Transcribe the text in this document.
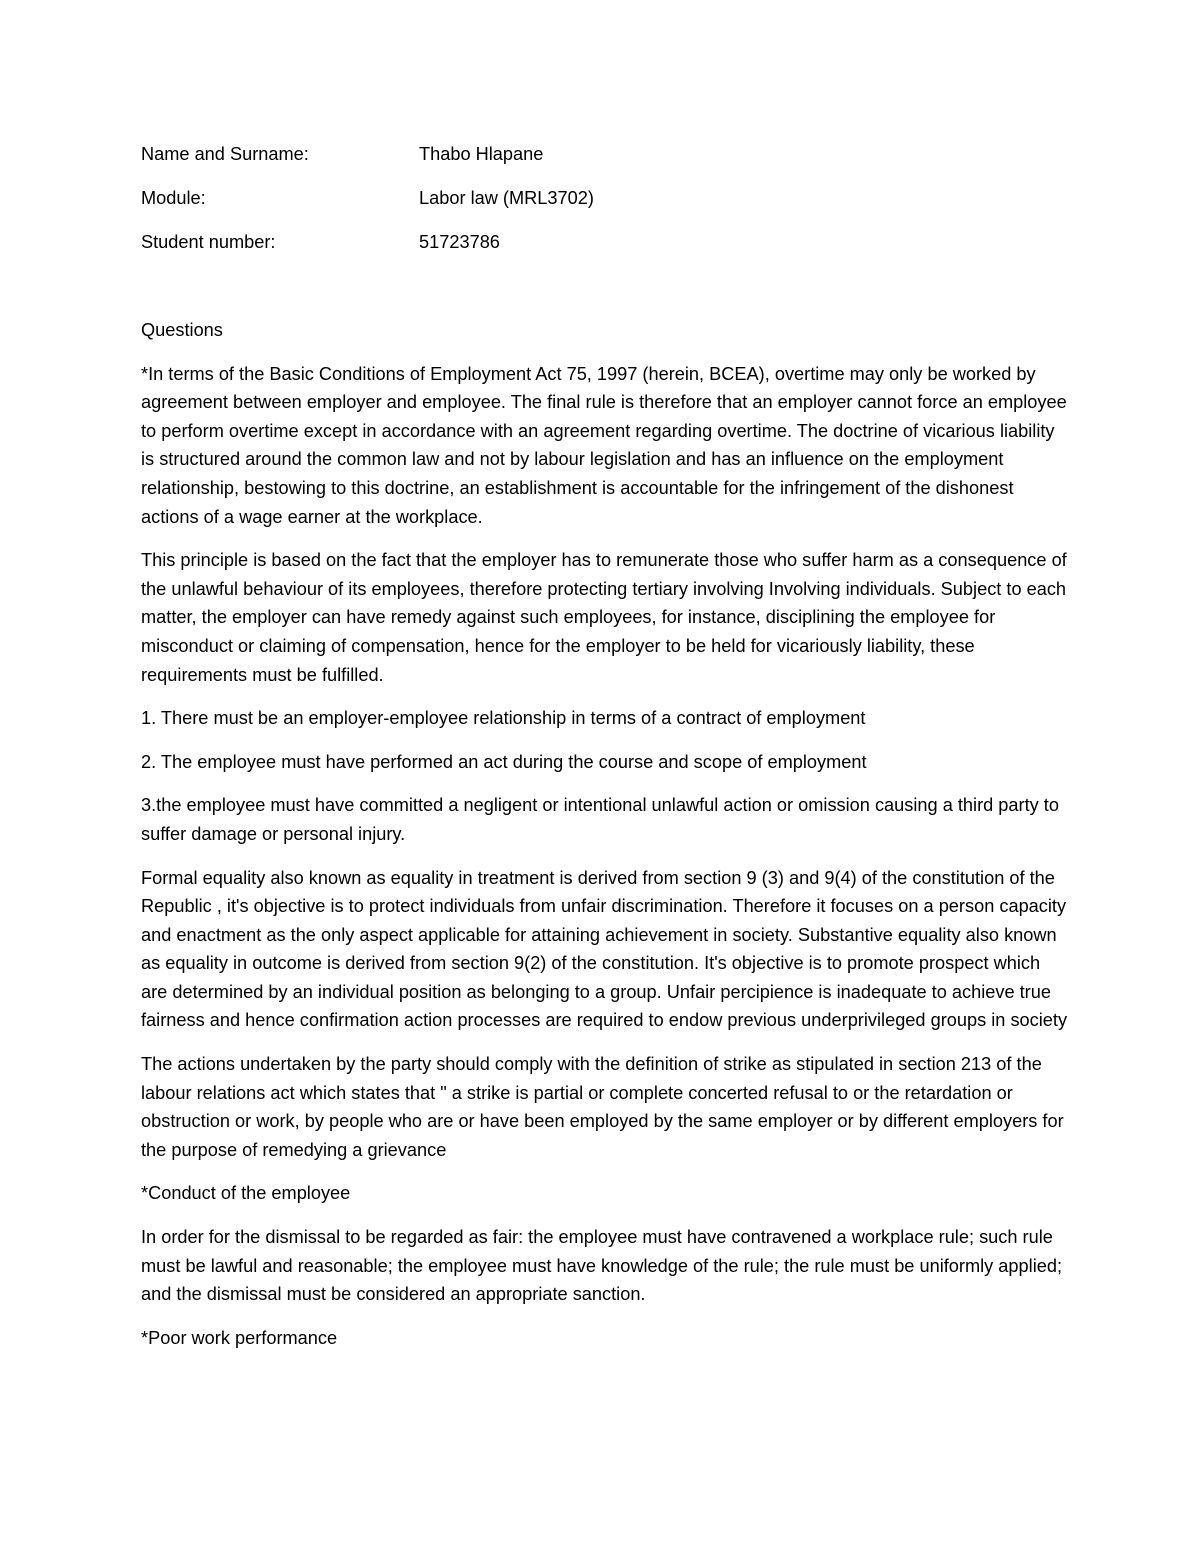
Name and Surname:	Thabo Hlapane
Module:	Labor law (MRL3702)
Student number:	51723786
Questions

*In terms of the Basic Conditions of Employment Act 75, 1997 (herein, BCEA), overtime may only be worked by agreement between employer and employee. The final rule is therefore that an employer cannot force an employee to perform overtime except in accordance with an agreement regarding overtime. The doctrine of vicarious liability is structured around the common law and not by labour legislation and has an influence on the employment relationship, bestowing to this doctrine, an establishment is accountable for the infringement of the dishonest actions of a wage earner at the workplace.

This principle is based on the fact that the employer has to remunerate those who suffer harm as a consequence of the unlawful behaviour of its employees, therefore protecting tertiary involving Involving individuals. Subject to each matter, the employer can have remedy against such employees, for instance, disciplining the employee for misconduct or claiming of compensation, hence for the employer to be held for vicariously liability, these requirements must be fulfilled.

1. There must be an employer-employee relationship in terms of a contract of employment

2. The employee must have performed an act during the course and scope of employment

3.the employee must have committed a negligent or intentional unlawful action or omission causing a third party to suffer damage or personal injury.

Formal equality also known as equality in treatment is derived from section 9 (3) and 9(4) of the constitution of the Republic , it's objective is to protect individuals from unfair discrimination. Therefore it focuses on a person capacity and enactment as the only aspect applicable for attaining achievement in society. Substantive equality also known as equality in outcome is derived from section 9(2) of the constitution. It's objective is to promote prospect which are determined by an individual position as belonging to a group. Unfair percipience is inadequate to achieve true fairness and hence confirmation action processes are required to endow previous underprivileged groups in society

The actions undertaken by the party should comply with the definition of strike as stipulated in section 213 of the labour relations act which states that " a strike is partial or complete concerted refusal to or the retardation or obstruction or work, by people who are or have been employed by the same employer or by different employers for the purpose of remedying a grievance

*Conduct of the employee

In order for the dismissal to be regarded as fair: the employee must have contravened a workplace rule; such rule must be lawful and reasonable; the employee must have knowledge of the rule; the rule must be uniformly applied; and the dismissal must be considered an appropriate sanction.

*Poor work performance
